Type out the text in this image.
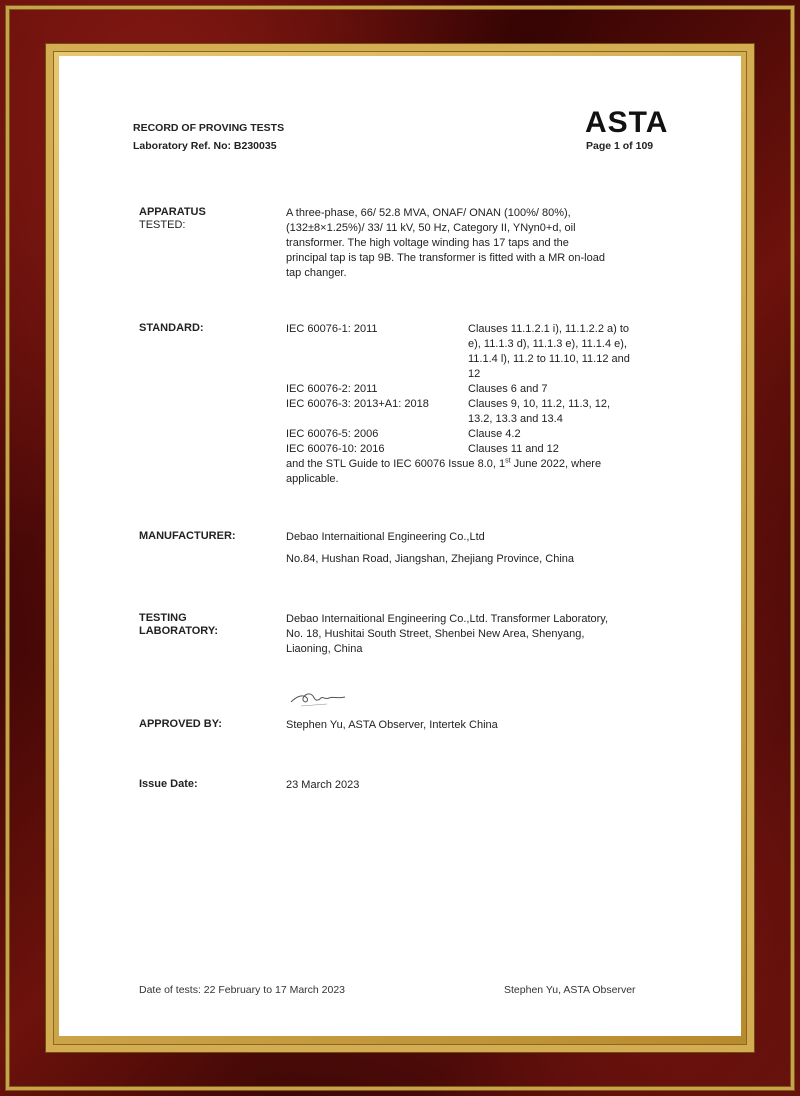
RECORD OF PROVING TESTS
Laboratory Ref. No: B230035
ASTA
Page 1 of 109
APPARATUS
TESTED:
A three-phase, 66/ 52.8 MVA, ONAF/ ONAN (100%/ 80%),
(132±8×1.25%)/ 33/ 11 kV, 50 Hz, Category II, YNyn0+d, oil
transformer. The high voltage winding has 17 taps and the
principal tap is tap 9B. The transformer is fitted with a MR on-load
tap changer.
STANDARD:	IEC 60076-1: 2011	Clauses 11.1.2.1 i), 11.1.2.2 a) to
e), 11.1.3 d), 11.1.3 e), 11.1.4 e),
11.1.4 l), 11.2 to 11.10, 11.12 and
12
IEC 60076-2: 2011	Clauses 6 and 7
IEC 60076-3: 2013+A1: 2018	Clauses 9, 10, 11.2, 11.3, 12,
13.2, 13.3 and 13.4
IEC 60076-5: 2006	Clause 4.2
IEC 60076-10: 2016	Clauses 11 and 12
and the STL Guide to IEC 60076 Issue 8.0, 1st June 2022, where
applicable.
MANUFACTURER:	Debao Internaitional Engineering Co.,Ltd
No.84, Hushan Road, Jiangshan, Zhejiang Province, China
TESTING
LABORATORY:
Debao Internaitional Engineering Co.,Ltd. Transformer Laboratory,
No. 18, Hushitai South Street, Shenbei New Area, Shenyang,
Liaoning, China
APPROVED BY:	Stephen Yu, ASTA Observer, Intertek China
Issue Date:	23 March 2023
Date of tests: 22 February to 17 March 2023	Stephen Yu, ASTA Observer
